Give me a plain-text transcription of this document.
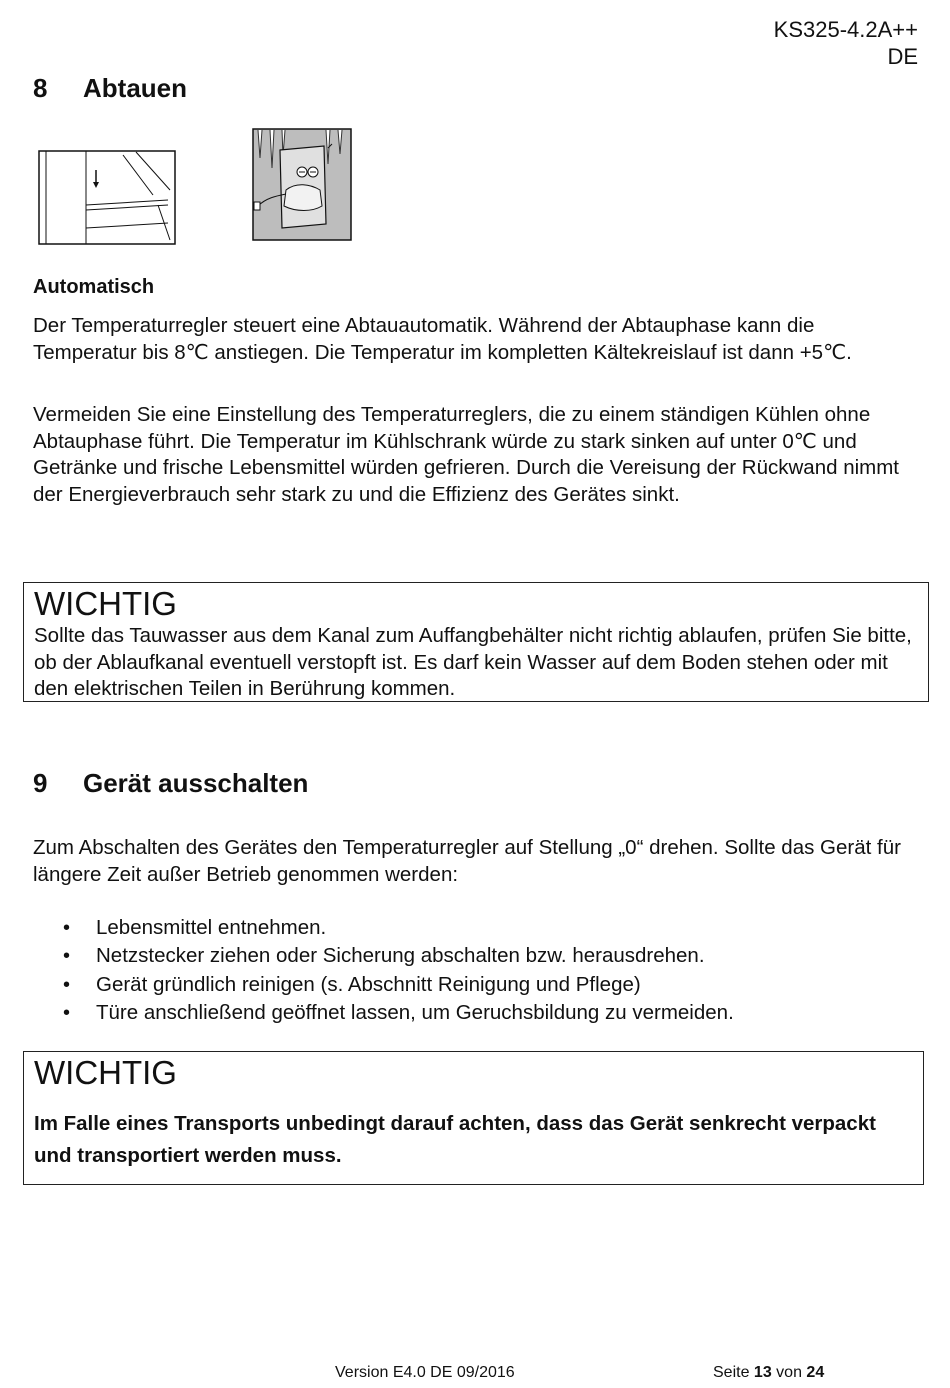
KS325-4.2A++
DE
8 Abtauen
Automatisch
Der Temperaturregler steuert eine Abtauautomatik. Während der Abtauphase kann die Temperatur bis 8℃ anstiegen. Die Temperatur im kompletten Kältekreislauf ist dann +5℃.
Vermeiden Sie eine Einstellung des Temperaturreglers, die zu einem ständigen Kühlen ohne Abtauphase führt. Die Temperatur im Kühlschrank würde zu stark sinken auf unter 0℃ und Getränke und frische Lebensmittel würden gefrieren. Durch die Vereisung der Rückwand nimmt der Energieverbrauch sehr stark zu und die Effizienz des Gerätes sinkt.
WICHTIG
Sollte das Tauwasser aus dem Kanal zum Auffangbehälter nicht richtig ablaufen, prüfen Sie bitte, ob der Ablaufkanal eventuell verstopft ist. Es darf kein Wasser auf dem Boden stehen oder mit den elektrischen Teilen in Berührung kommen.
9 Gerät ausschalten
Zum Abschalten des Gerätes den Temperaturregler auf Stellung „0“ drehen. Sollte das Gerät für längere Zeit außer Betrieb genommen werden:
• Lebensmittel entnehmen.
• Netzstecker ziehen oder Sicherung abschalten bzw. herausdrehen.
• Gerät gründlich reinigen (s. Abschnitt Reinigung und Pflege)
• Türe anschließend geöffnet lassen, um Geruchsbildung zu vermeiden.
WICHTIG
Im Falle eines Transports unbedingt darauf achten, dass das Gerät senkrecht verpackt und transportiert werden muss.
Version E4.0 DE 09/2016	Seite 13 von 24
